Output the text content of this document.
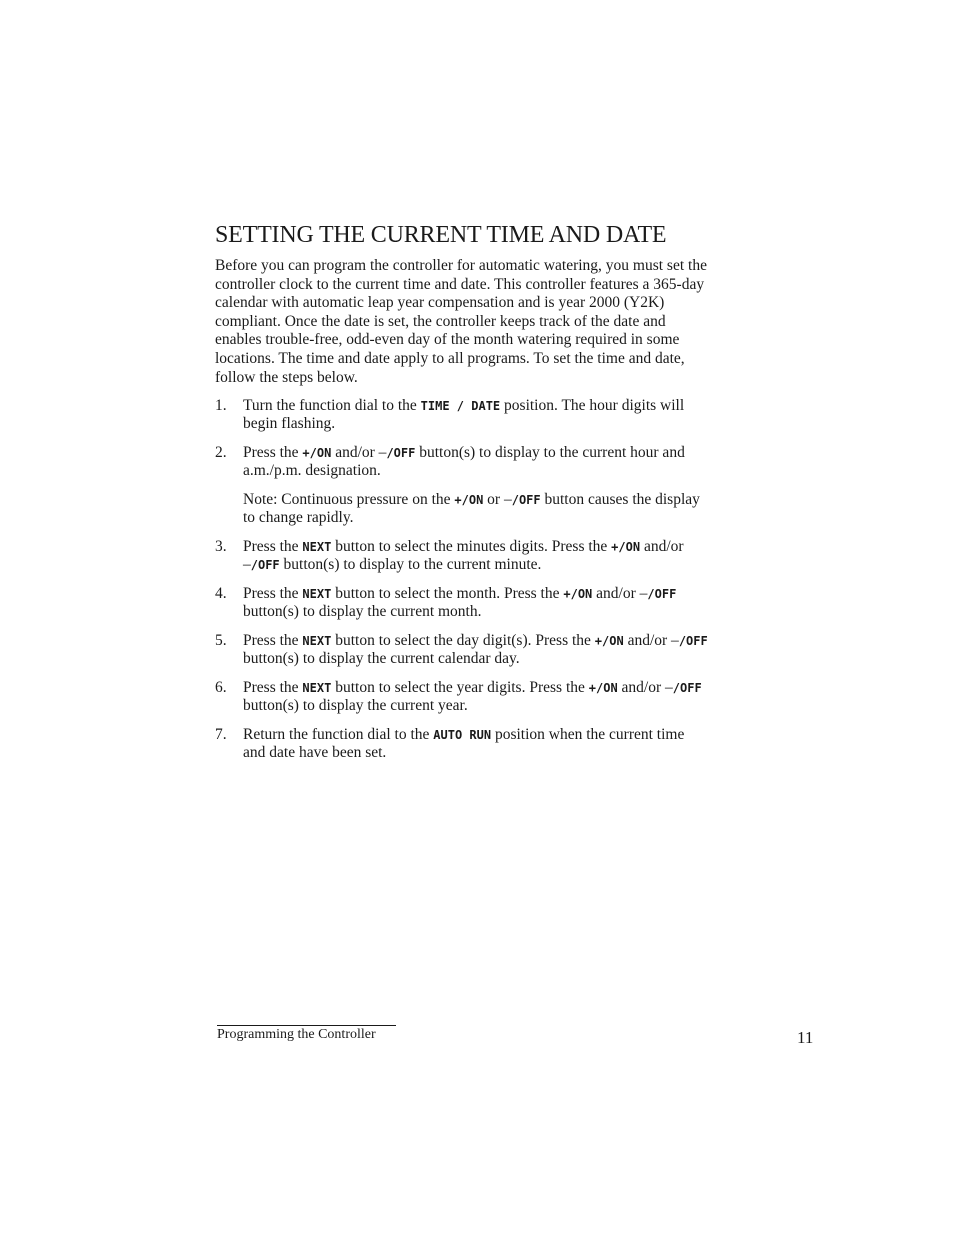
SETTING THE CURRENT TIME AND DATE

Before you can program the controller for automatic watering, you must set the controller clock to the current time and date. This controller features a 365-day calendar with automatic leap year compensation and is year 2000 (Y2K) compliant. Once the date is set, the controller keeps track of the date and enables trouble-free, odd-even day of the month watering required in some locations. The time and date apply to all programs. To set the time and date, follow the steps below.

1. Turn the function dial to the TIME / DATE position. The hour digits will begin flashing.
2. Press the +/ON and/or –/OFF button(s) to display to the current hour and a.m./p.m. designation.
Note: Continuous pressure on the +/ON or –/OFF button causes the display to change rapidly.
3. Press the NEXT button to select the minutes digits. Press the +/ON and/or –/OFF button(s) to display to the current minute.
4. Press the NEXT button to select the month. Press the +/ON and/or –/OFF button(s) to display the current month.
5. Press the NEXT button to select the day digit(s). Press the +/ON and/or –/OFF button(s) to display the current calendar day.
6. Press the NEXT button to select the year digits. Press the +/ON and/or –/OFF button(s) to display the current year.
7. Return the function dial to the AUTO RUN position when the current time and date have been set.
Programming the Controller	11
